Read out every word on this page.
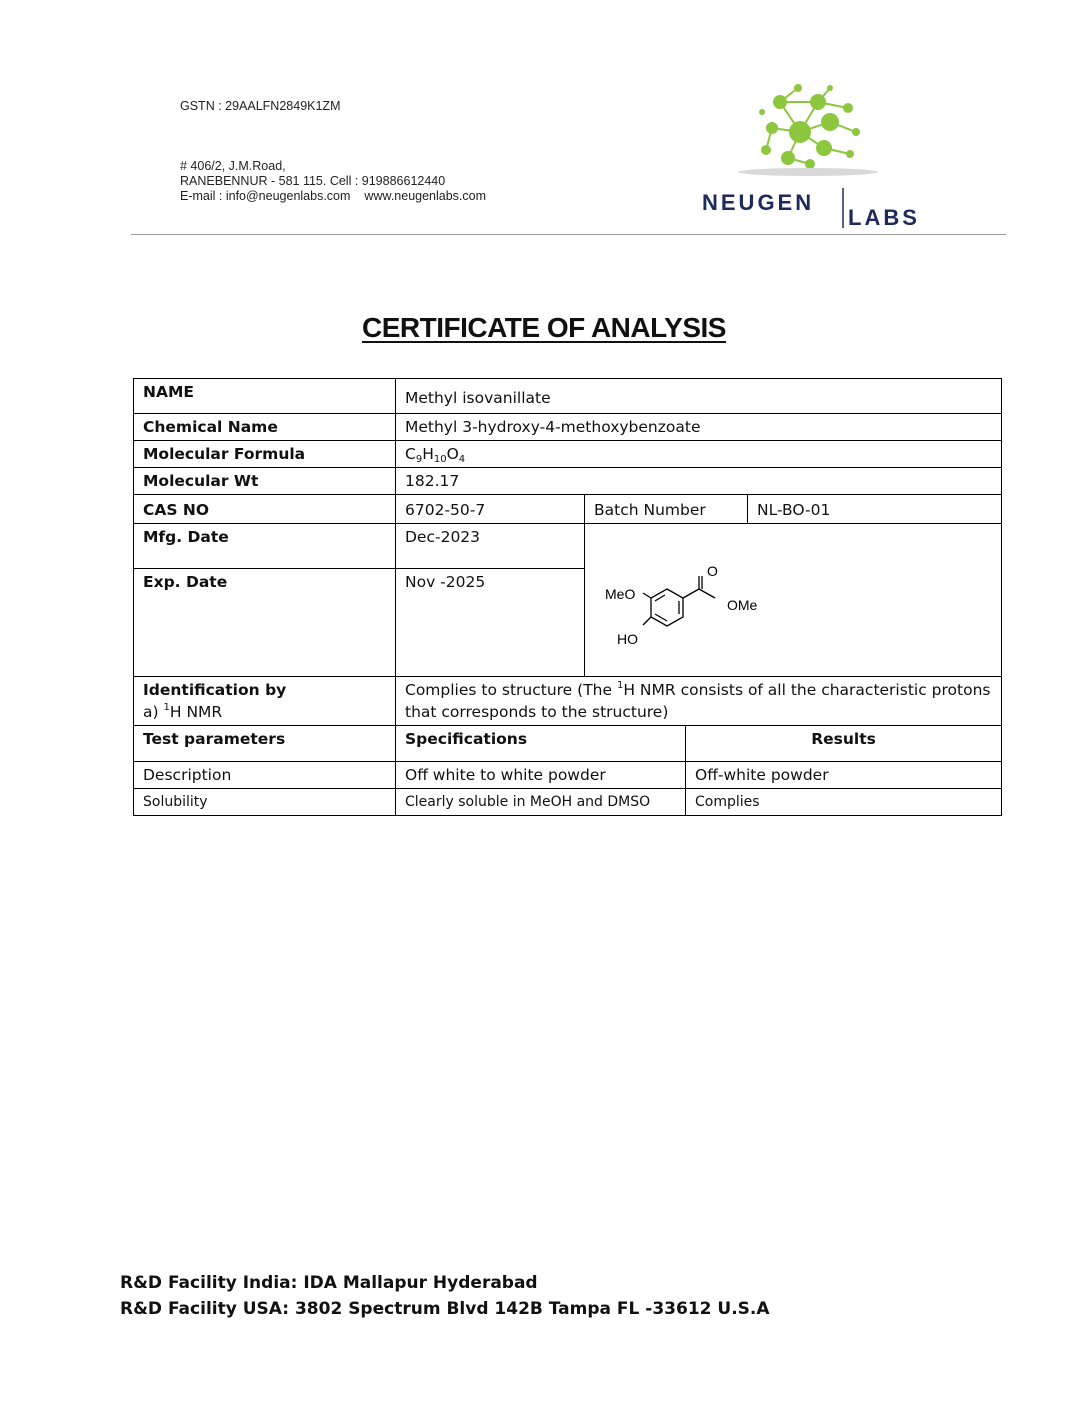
GSTN : 29AALFN2849K1ZM
# 406/2, J.M.Road,
RANEBENNUR - 581 115. Cell : 919886612440
E-mail : info@neugenlabs.com www.neugenlabs.com	NEUGEN
LABS
CERTIFICATE OF ANALYSIS
NAME	Methyl isovanillate			
Chemical Name	Methyl 3-hydroxy-4-methoxybenzoate			
Molecular Formula	$C_9H_{10}O_4$
Molecular Wt	182.17			
CAS NO	6702-50-7	Batch Number		NL-BO-01
Mfg. Date	Dec-2023	MeO
OMe
O
HO		

Exp. Date	Nov -2025			

Identification by
a) $^1$H NMR	Complies to structure (The $^1$H NMR consists of all the characteristic protons that corresponds to the structure)			
Test parameters	Specifications		Results	
Description	Off white to white powder		Off-white powder	
Solubility	Clearly soluble in MeOH and DMSO		Complies	
R&D Facility India: IDA Mallapur Hyderabad
R&D Facility USA: 3802 Spectrum Blvd 142B Tampa FL -33612 U.S.A
